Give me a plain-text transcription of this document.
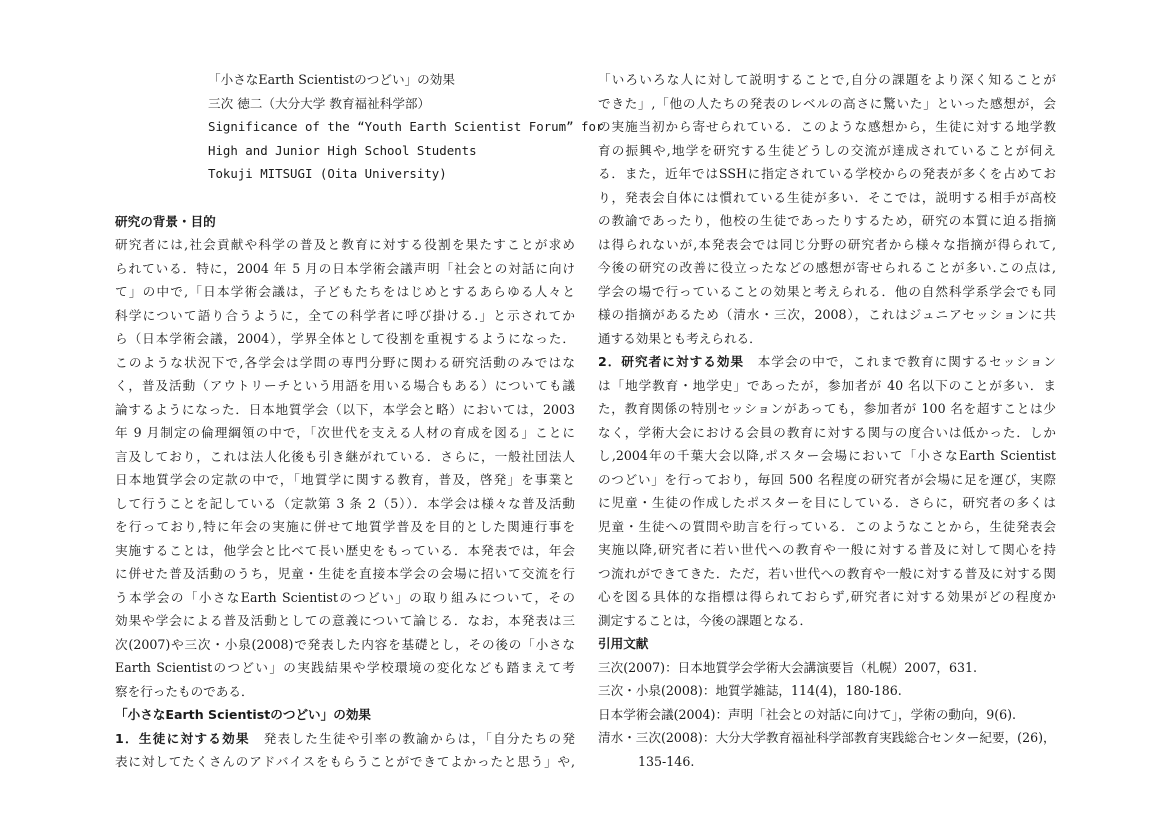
「小さなEarth Scientistのつどい」の効果
三次 徳二（大分大学 教育福祉科学部）
Significance of the “Youth Earth Scientist Forum” for
High and Junior High School Students
Tokuji MITSUGI (Oita University)
研究の背景・目的
研究者には,社会貢献や科学の普及と教育に対する役割を果たすことが求め
られている．特に，2004 年 5 月の日本学術会議声明「社会との対話に向け
て」の中で,「日本学術会議は，子どもたちをはじめとするあらゆる人々と
科学について語り合うように，全ての科学者に呼び掛ける.」と示されてか
ら（日本学術会議，2004），学界全体として役割を重視するようになった．
このような状況下で,各学会は学問の専門分野に関わる研究活動のみではな
く，普及活動（アウトリーチという用語を用いる場合もある）についても議
論するようになった．日本地質学会（以下，本学会と略）においては，2003
年 9 月制定の倫理綱領の中で，「次世代を支える人材の育成を図る」ことに
言及しており，これは法人化後も引き継がれている．さらに，一般社団法人
日本地質学会の定款の中で，「地質学に関する教育，普及，啓発」を事業と
して行うことを記している（定款第 3 条 2（5））．本学会は様々な普及活動
を行っており,特に年会の実施に併せて地質学普及を目的とした関連行事を
実施することは，他学会と比べて長い歴史をもっている．本発表では，年会
に併せた普及活動のうち，児童・生徒を直接本学会の会場に招いて交流を行
う本学会の「小さなEarth Scientistのつどい」の取り組みについて，その
効果や学会による普及活動としての意義について論じる．なお，本発表は三
次(2007)や三次・小泉(2008)で発表した内容を基礎とし，その後の「小さな
Earth Scientistのつどい」の実践結果や学校環境の変化なども踏まえて考
察を行ったものである．
「小さなEarth Scientistのつどい」の効果
1．生徒に対する効果　発表した生徒や引率の教諭からは，「自分たちの発
表に対してたくさんのアドバイスをもらうことができてよかったと思う」や,
「いろいろな人に対して説明することで,自分の課題をより深く知ることが
できた」,「他の人たちの発表のレベルの高さに驚いた」といった感想が，会
の実施当初から寄せられている．このような感想から，生徒に対する地学教
育の振興や,地学を研究する生徒どうしの交流が達成されていることが伺え
る．また，近年ではSSHに指定されている学校からの発表が多くを占めてお
り，発表会自体には慣れている生徒が多い．そこでは，説明する相手が高校
の教諭であったり，他校の生徒であったりするため，研究の本質に迫る指摘
は得られないが,本発表会では同じ分野の研究者から様々な指摘が得られて,
今後の研究の改善に役立ったなどの感想が寄せられることが多い.この点は,
学会の場で行っていることの効果と考えられる．他の自然科学系学会でも同
様の指摘があるため（清水・三次，2008），これはジュニアセッションに共
通する効果とも考えられる．
2．研究者に対する効果　本学会の中で，これまで教育に関するセッション
は「地学教育・地学史」であったが，参加者が 40 名以下のことが多い．ま
た，教育関係の特別セッションがあっても，参加者が 100 名を超すことは少
なく，学術大会における会員の教育に対する関与の度合いは低かった．しか
し,2004年の千葉大会以降,ポスター会場において「小さなEarth Scientist
のつどい」を行っており，毎回 500 名程度の研究者が会場に足を運び，実際
に児童・生徒の作成したポスターを目にしている．さらに，研究者の多くは
児童・生徒への質問や助言を行っている．このようなことから，生徒発表会
実施以降,研究者に若い世代への教育や一般に対する普及に対して関心を持
つ流れができてきた．ただ，若い世代への教育や一般に対する普及に対する関
心を図る具体的な指標は得られておらず,研究者に対する効果がどの程度か
測定することは，今後の課題となる．
引用文献
三次(2007)：日本地質学会学術大会講演要旨（札幌）2007，631.
三次・小泉(2008)：地質学雑誌，114(4)，180-186.
日本学術会議(2004)：声明「社会との対話に向けて」，学術の動向，9(6).
清水・三次(2008)：大分大学教育福祉科学部教育実践総合センター紀要，(26)，
135-146.
